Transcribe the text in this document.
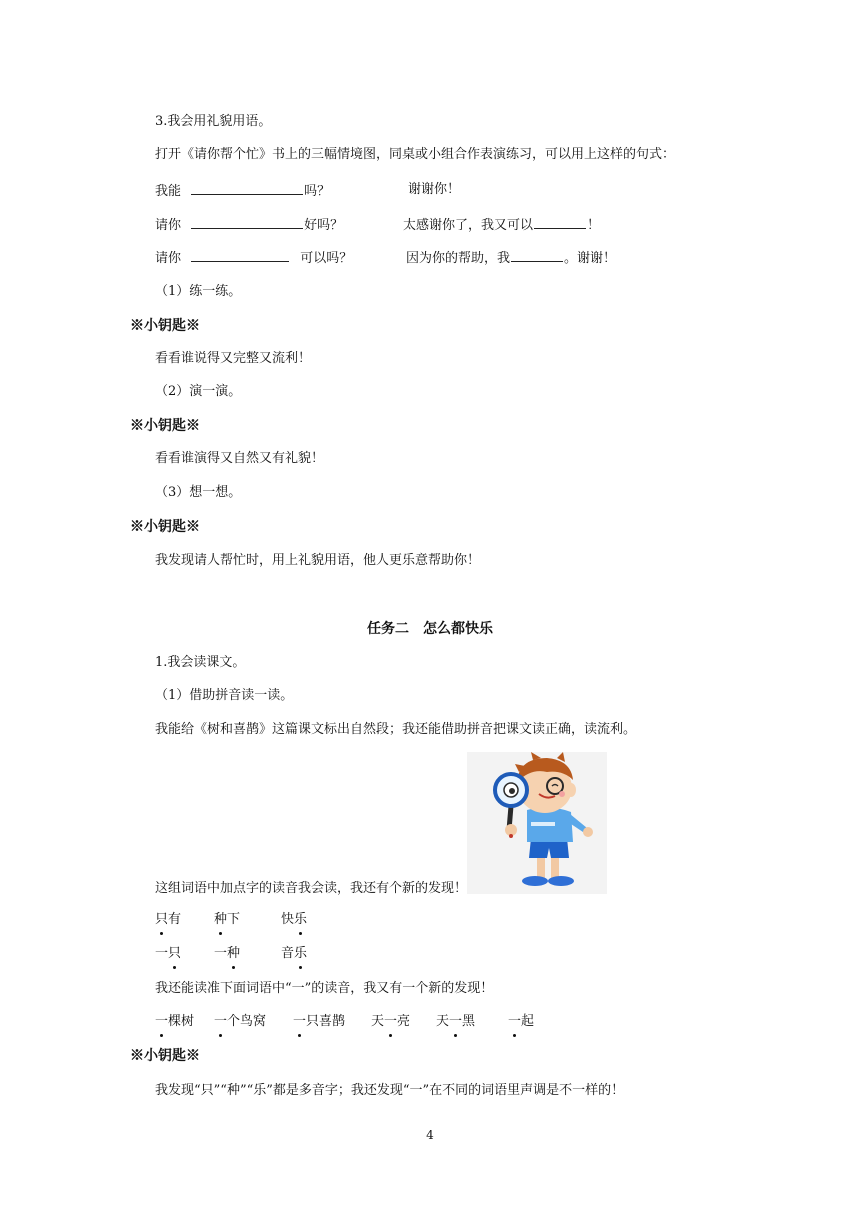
3.我会用礼貌用语。
打开《请你帮个忙》书上的三幅情境图，同桌或小组合作表演练习，可以用上这样的句式：
我能	吗？	谢谢你！
请你	好吗？	太感谢你了，我又可以	！
请你	可以吗？	因为你的帮助，我	。谢谢！
（1）练一练。
※小钥匙※
看看谁说得又完整又流利！
（2）演一演。
※小钥匙※
看看谁演得又自然又有礼貌！
（3）想一想。
※小钥匙※
我发现请人帮忙时，用上礼貌用语，他人更乐意帮助你！
任务二　怎么都快乐
1.我会读课文。
（1）借助拼音读一读。
我能给《树和喜鹊》这篇课文标出自然段；我还能借助拼音把课文读正确，读流利。
这组词语中加点字的读音我会读，我还有个新的发现！
只有	种下	快乐
一只	一种	音乐
我还能读准下面词语中“一”的读音，我又有一个新的发现！
一棵树 一个鸟窝 一只喜鹊 天一亮 天一黑	一起
※小钥匙※
我发现“只”“种”“乐”都是多音字；我还发现“一”在不同的词语里声调是不一样的！
4
